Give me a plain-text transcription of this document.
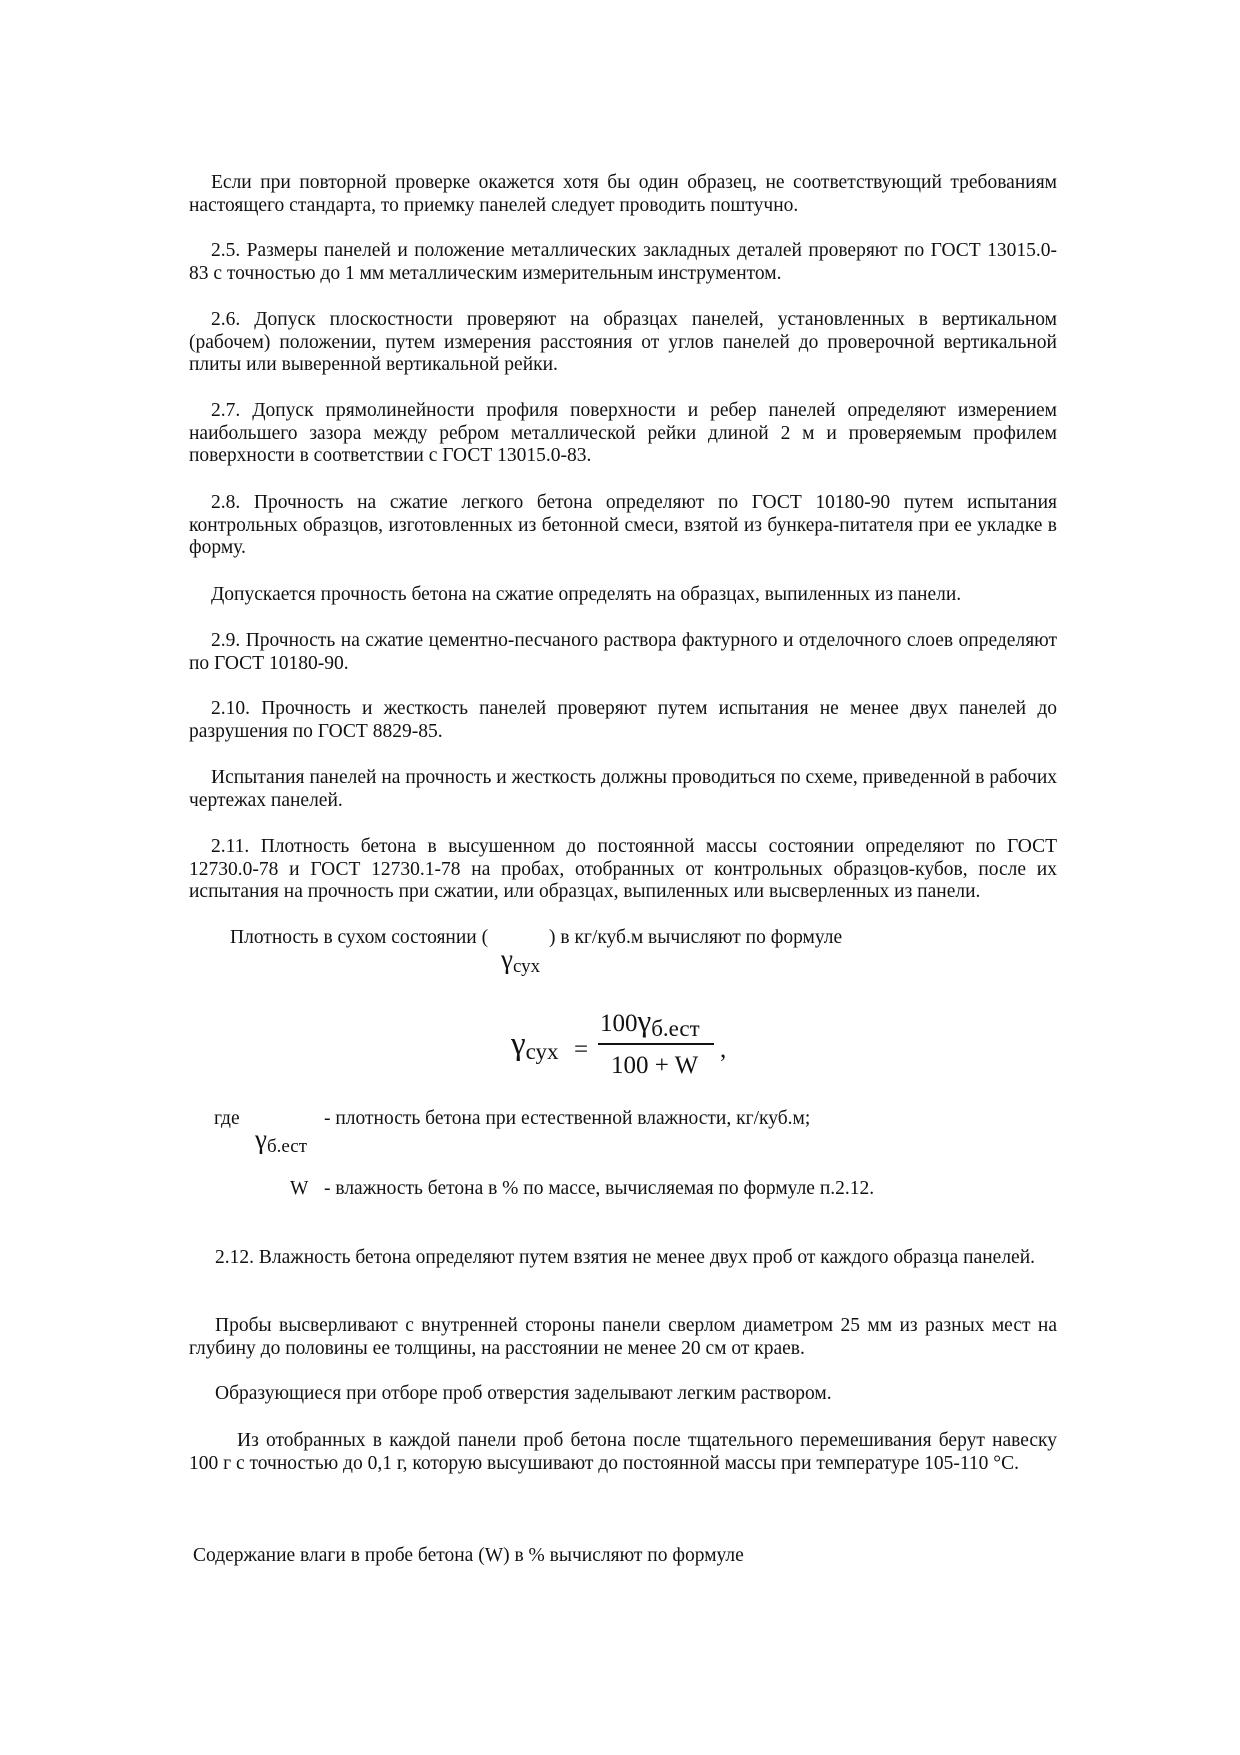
Если при повторной проверке окажется хотя бы один образец, не соответствующий требованиям настоящего стандарта, то приемку панелей следует проводить поштучно.

2.5. Размеры панелей и положение металлических закладных деталей проверяют по ГОСТ 13015.0-83 с точностью до 1 мм металлическим измерительным инструментом.

2.6. Допуск плоскостности проверяют на образцах панелей, установленных в вертикальном (рабочем) положении, путем измерения расстояния от углов панелей до проверочной вертикальной плиты или выверенной вертикальной рейки.

2.7. Допуск прямолинейности профиля поверхности и ребер панелей определяют измерением наибольшего зазора между ребром металлической рейки длиной 2 м и проверяемым профилем поверхности в соответствии с ГОСТ 13015.0-83.

2.8. Прочность на сжатие легкого бетона определяют по ГОСТ 10180-90 путем испытания контрольных образцов, изготовленных из бетонной смеси, взятой из бункера-питателя при ее укладке в форму.

Допускается прочность бетона на сжатие определять на образцах, выпиленных из панели.

2.9. Прочность на сжатие цементно-песчаного раствора фактурного и отделочного слоев определяют по ГОСТ 10180-90.

2.10. Прочность и жесткость панелей проверяют путем испытания не менее двух панелей до разрушения по ГОСТ 8829-85.

Испытания панелей на прочность и жесткость должны проводиться по схеме, приведенной в рабочих чертежах панелей.

2.11. Плотность бетона в высушенном до постоянной массы состоянии определяют по ГОСТ 12730.0-78 и ГОСТ 12730.1-78 на пробах, отобранных от контрольных образцов-кубов, после их испытания на прочность при сжатии, или образцах, выпиленных или высверленных из панели.

Плотность в сухом состоянии (	) в кг/куб.м вычисляют по формуле
γсух
γсух =
100γб.ест
100 + W
,
где	- плотность бетона при естественной влажности, кг/куб.м;
γб.ест
W - влажность бетона в % по массе, вычисляемая по формуле п.2.12.

2.12. Влажность бетона определяют путем взятия не менее двух проб от каждого образца панелей.

Пробы высверливают с внутренней стороны панели сверлом диаметром 25 мм из разных мест на глубину до половины ее толщины, на расстоянии не менее 20 см от краев.

Образующиеся при отборе проб отверстия заделывают легким раствором.

Из отобранных в каждой панели проб бетона после тщательного перемешивания берут навеску 100 г с точностью до 0,1 г, которую высушивают до постоянной массы при температуре 105-110 °С.

Содержание влаги в пробе бетона (W) в % вычисляют по формуле
